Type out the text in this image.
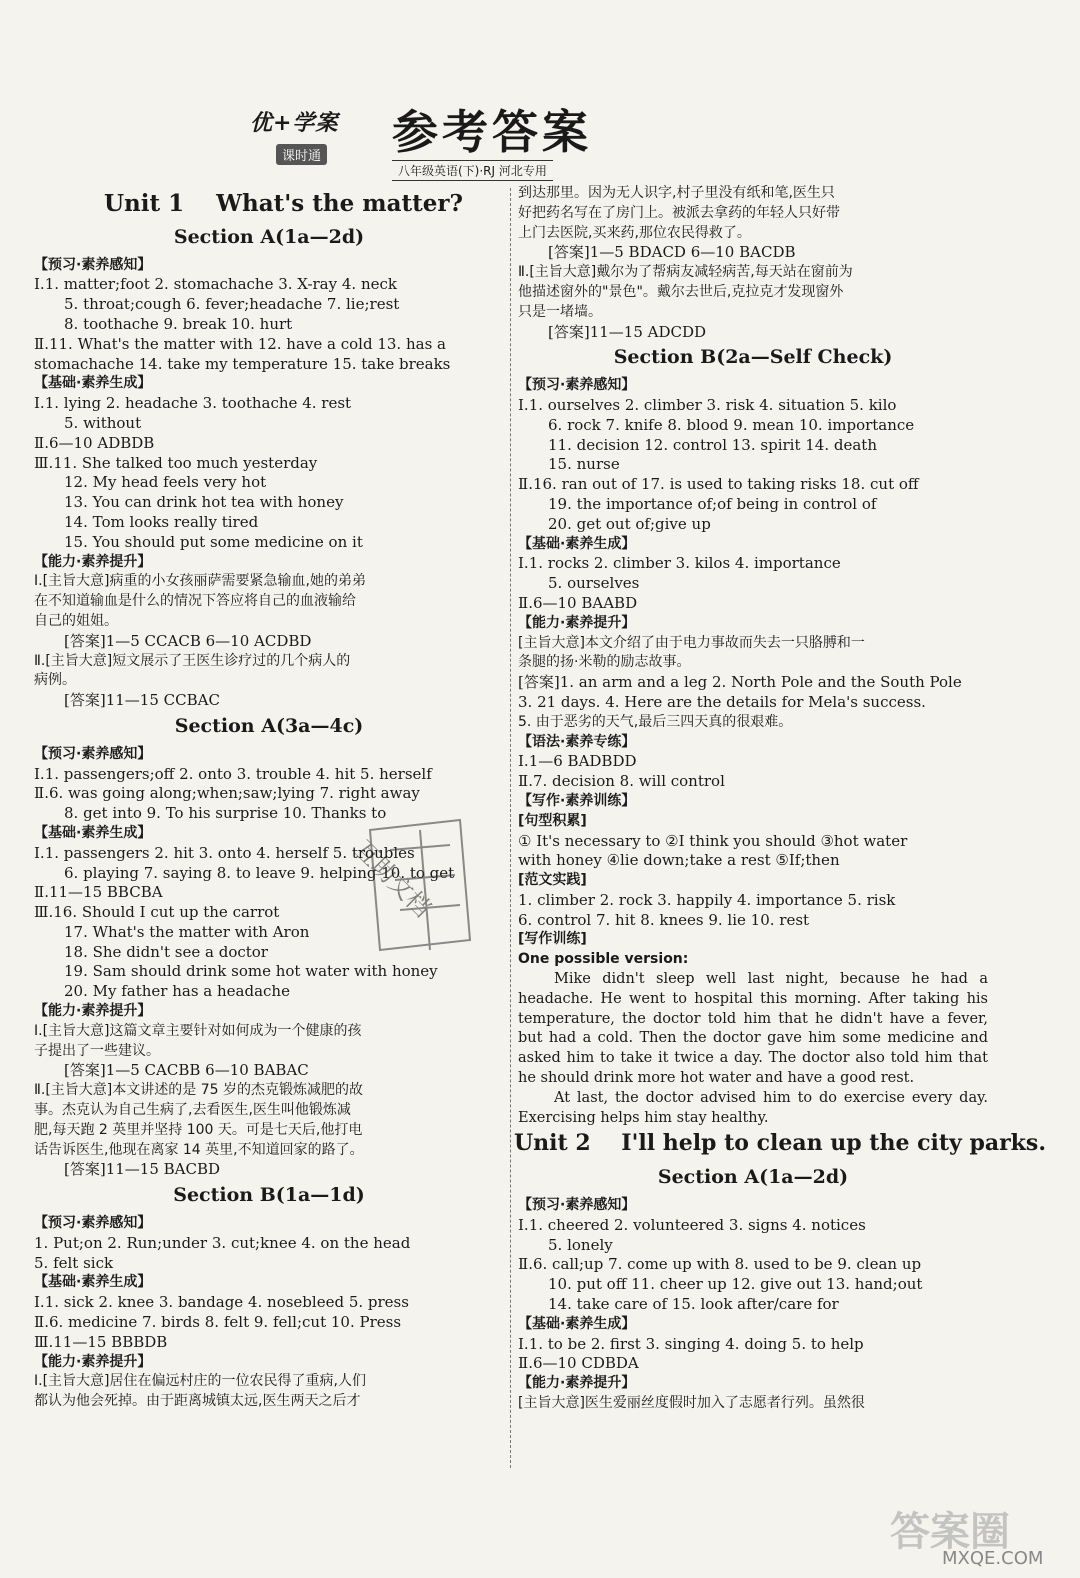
优+学案
课时通 参考答案
八年级英语(下)·RJ 河北专用
Unit 1    What's the matter?
Section A(1a—2d)
【预习·素养感知】
Ⅰ.1. matter;foot 2. stomachache 3. X-ray 4. neck
5. throat;cough 6. fever;headache 7. lie;rest
8. toothache 9. break 10. hurt
Ⅱ.11. What's the matter with 12. have a cold 13. has a
stomachache 14. take my temperature 15. take breaks
【基础·素养生成】
Ⅰ.1. lying 2. headache 3. toothache 4. rest
5. without
Ⅱ.6—10 ADBDB
Ⅲ.11. She talked too much yesterday
12. My head feels very hot
13. You can drink hot tea with honey
14. Tom looks really tired
15. You should put some medicine on it
【能力·素养提升】
Ⅰ.[主旨大意]病重的小女孩丽萨需要紧急输血,她的弟弟
在不知道输血是什么的情况下答应将自己的血液输给
自己的姐姐。
[答案]1—5 CCACB 6—10 ACDBD
Ⅱ.[主旨大意]短文展示了王医生诊疗过的几个病人的
病例。
[答案]11—15 CCBAC
Section A(3a—4c)
【预习·素养感知】
Ⅰ.1. passengers;off 2. onto 3. trouble 4. hit 5. herself
Ⅱ.6. was going along;when;saw;lying 7. right away
8. get into 9. To his surprise 10. Thanks to
【基础·素养生成】
Ⅰ.1. passengers 2. hit 3. onto 4. herself 5. troubles
6. playing 7. saying 8. to leave 9. helping 10. to get
Ⅱ.11—15 BBCBA
Ⅲ.16. Should I cut up the carrot
17. What's the matter with Aron
18. She didn't see a doctor
19. Sam should drink some hot water with honey
20. My father has a headache
【能力·素养提升】
Ⅰ.[主旨大意]这篇文章主要针对如何成为一个健康的孩
子提出了一些建议。
[答案]1—5 CACBB 6—10 BABAC
Ⅱ.[主旨大意]本文讲述的是 75 岁的杰克锻炼减肥的故
事。杰克认为自己生病了,去看医生,医生叫他锻炼减
肥,每天跑 2 英里并坚持 100 天。可是七天后,他打电
话告诉医生,他现在离家 14 英里,不知道回家的路了。
[答案]11—15 BACBD
Section B(1a—1d)
【预习·素养感知】
1. Put;on 2. Run;under 3. cut;knee 4. on the head
5. felt sick
【基础·素养生成】
Ⅰ.1. sick 2. knee 3. bandage 4. nosebleed 5. press
Ⅱ.6. medicine 7. birds 8. felt 9. fell;cut 10. Press
Ⅲ.11—15 BBBDB
【能力·素养提升】
Ⅰ.[主旨大意]居住在偏远村庄的一位农民得了重病,人们
都认为他会死掉。由于距离城镇太远,医生两天之后才
到达那里。因为无人识字,村子里没有纸和笔,医生只
好把药名写在了房门上。被派去拿药的年轻人只好带
上门去医院,买来药,那位农民得救了。
[答案]1—5 BDACD 6—10 BACDB
Ⅱ.[主旨大意]戴尔为了帮病友减轻病苦,每天站在窗前为
他描述窗外的"景色"。戴尔去世后,克拉克才发现窗外
只是一堵墙。
[答案]11—15 ADCDD
Section B(2a—Self Check)
【预习·素养感知】
Ⅰ.1. ourselves 2. climber 3. risk 4. situation 5. kilo
6. rock 7. knife 8. blood 9. mean 10. importance
11. decision 12. control 13. spirit 14. death
15. nurse
Ⅱ.16. ran out of 17. is used to taking risks 18. cut off
19. the importance of;of being in control of
20. get out of;give up
【基础·素养生成】
Ⅰ.1. rocks 2. climber 3. kilos 4. importance
5. ourselves
Ⅱ.6—10 BAABD
【能力·素养提升】
[主旨大意]本文介绍了由于电力事故而失去一只胳膊和一
条腿的扬·米勒的励志故事。
[答案]1. an arm and a leg 2. North Pole and the South Pole
3. 21 days. 4. Here are the details for Mela's success.
5. 由于恶劣的天气,最后三四天真的很艰难。
【语法·素养专练】
Ⅰ.1—6 BADBDD
Ⅱ.7. decision 8. will control
【写作·素养训练】
[句型积累]
① It's necessary to ②I think you should ③hot water
with honey ④lie down;take a rest ⑤If;then
[范文实践]
1. climber 2. rock 3. happily 4. importance 5. risk
6. control 7. hit 8. knees 9. lie 10. rest
[写作训练]
One possible version:

Mike didn't sleep well last night, because he had a headache. He went to hospital this morning. After taking his temperature, the doctor told him that he didn't have a fever, but had a cold. Then the doctor gave him some medicine and asked him to take it twice a day. The doctor also told him that he should drink more hot water and have a good rest.

At last, the doctor advised him to do exercise every day. Exercising helps him stay healthy.

Unit 2    I'll help to clean up the city parks.
Section A(1a—2d)
【预习·素养感知】
Ⅰ.1. cheered 2. volunteered 3. signs 4. notices
5. lonely
Ⅱ.6. call;up 7. come up with 8. used to be 9. clean up
10. put off 11. cheer up 12. give out 13. hand;out
14. take care of 15. look after/care for
【基础·素养生成】
Ⅰ.1. to be 2. first 3. singing 4. doing 5. to help
Ⅱ.6—10 CDBDA
【能力·素养提升】
[主旨大意]医生爱丽丝度假时加入了志愿者行列。虽然很
互助文档
答案圈
MXQE.COM
